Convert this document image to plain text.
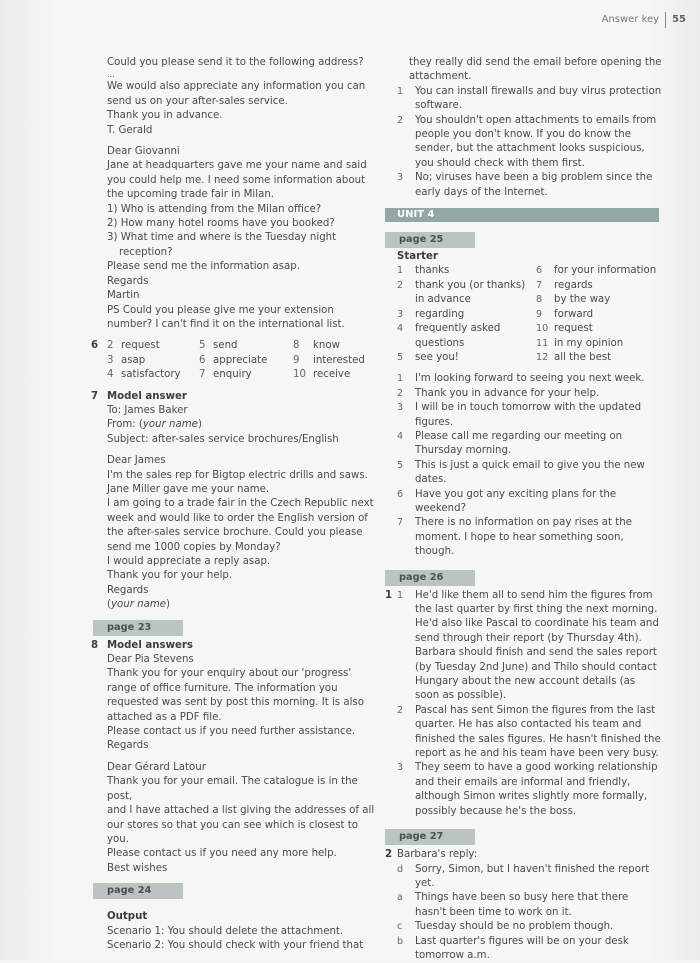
Answer key 55

Could you please send it to the following address?

...

We would also appreciate any information you can

send us on your after-sales service.

Thank you in advance.

T. Gerald

Dear Giovanni

Jane at headquarters gave me your name and said

you could help me. I need some information about

the upcoming trade fair in Milan.

1) Who is attending from the Milan office?

2) How many hotel rooms have you booked?

3) What time and where is the Tuesday night reception?

Please send me the information asap.

Regards

Martin

PS Could you please give me your extension

number? I can't find it on the international list.

6 2 request	5 send	8	know
3 asap	6 appreciate	9	interested
4 satisfactory	7 enquiry	10 receive
7 Model answer

To: James Baker

From: (your name)

Subject: after-sales service brochures/English

Dear James

I'm the sales rep for Bigtop electric drills and saws.

Jane Miller gave me your name.

I am going to a trade fair in the Czech Republic next

week and would like to order the English version of

the after-sales service brochure. Could you please

send me 1000 copies by Monday?

I would appreciate a reply asap.

Thank you for your help.

Regards

(your name)

page 23
8 Model answers

Dear Pia Stevens

Thank you for your enquiry about our 'progress'

range of office furniture. The information you

requested was sent by post this morning. It is also

attached as a PDF file.

Please contact us if you need further assistance.

Regards

Dear Gérard Latour

Thank you for your email. The catalogue is in the post,

and I have attached a list giving the addresses of all

our stores so that you can see which is closest to you.

Please contact us if you need any more help.

Best wishes

page 24

Output

Scenario 1: You should delete the attachment.

Scenario 2: You should check with your friend that

they really did send the email before opening the

attachment.

1	You can install firewalls and buy virus protection software.
2	You shouldn't open attachments to emails from people you don't know. If you do know the sender, but the attachment looks suspicious, you should check with them first.
3	No; viruses have been a big problem since the early days of the Internet.
UNIT 4
page 25

Starter

1	thanks
2	thank you (or thanks) in advance
3	regarding
4	frequently asked questions
5	see you!
6	for your information
7	regards
8	by the way
9	forward
10 request
11 in my opinion
12 all the best
1	I'm looking forward to seeing you next week.
2	Thank you in advance for your help.
3	I will be in touch tomorrow with the updated figures.
4	Please call me regarding our meeting on Thursday morning.
5	This is just a quick email to give you the new dates.
6	Have you got any exciting plans for the weekend?
7	There is no information on pay rises at the moment. I hope to hear something soon, though.
page 26
1 1	He'd like them all to send him the figures from the last quarter by first thing the next morning. He'd also like Pascal to coordinate his team and send through their report (by Thursday 4th). Barbara should finish and send the sales report (by Tuesday 2nd June) and Thilo should contact Hungary about the new account details (as soon as possible).
2	Pascal has sent Simon the figures from the last quarter. He has also contacted his team and finished the sales figures. He hasn't finished the report as he and his team have been very busy.
3	They seem to have a good working relationship and their emails are informal and friendly, although Simon writes slightly more formally, possibly because he's the boss.
page 27
2 Barbara's reply:

d	Sorry, Simon, but I haven't finished the report yet.
a	Things have been so busy here that there hasn't been time to work on it.
c	Tuesday should be no problem though.
b	Last quarter's figures will be on your desk tomorrow a.m.
